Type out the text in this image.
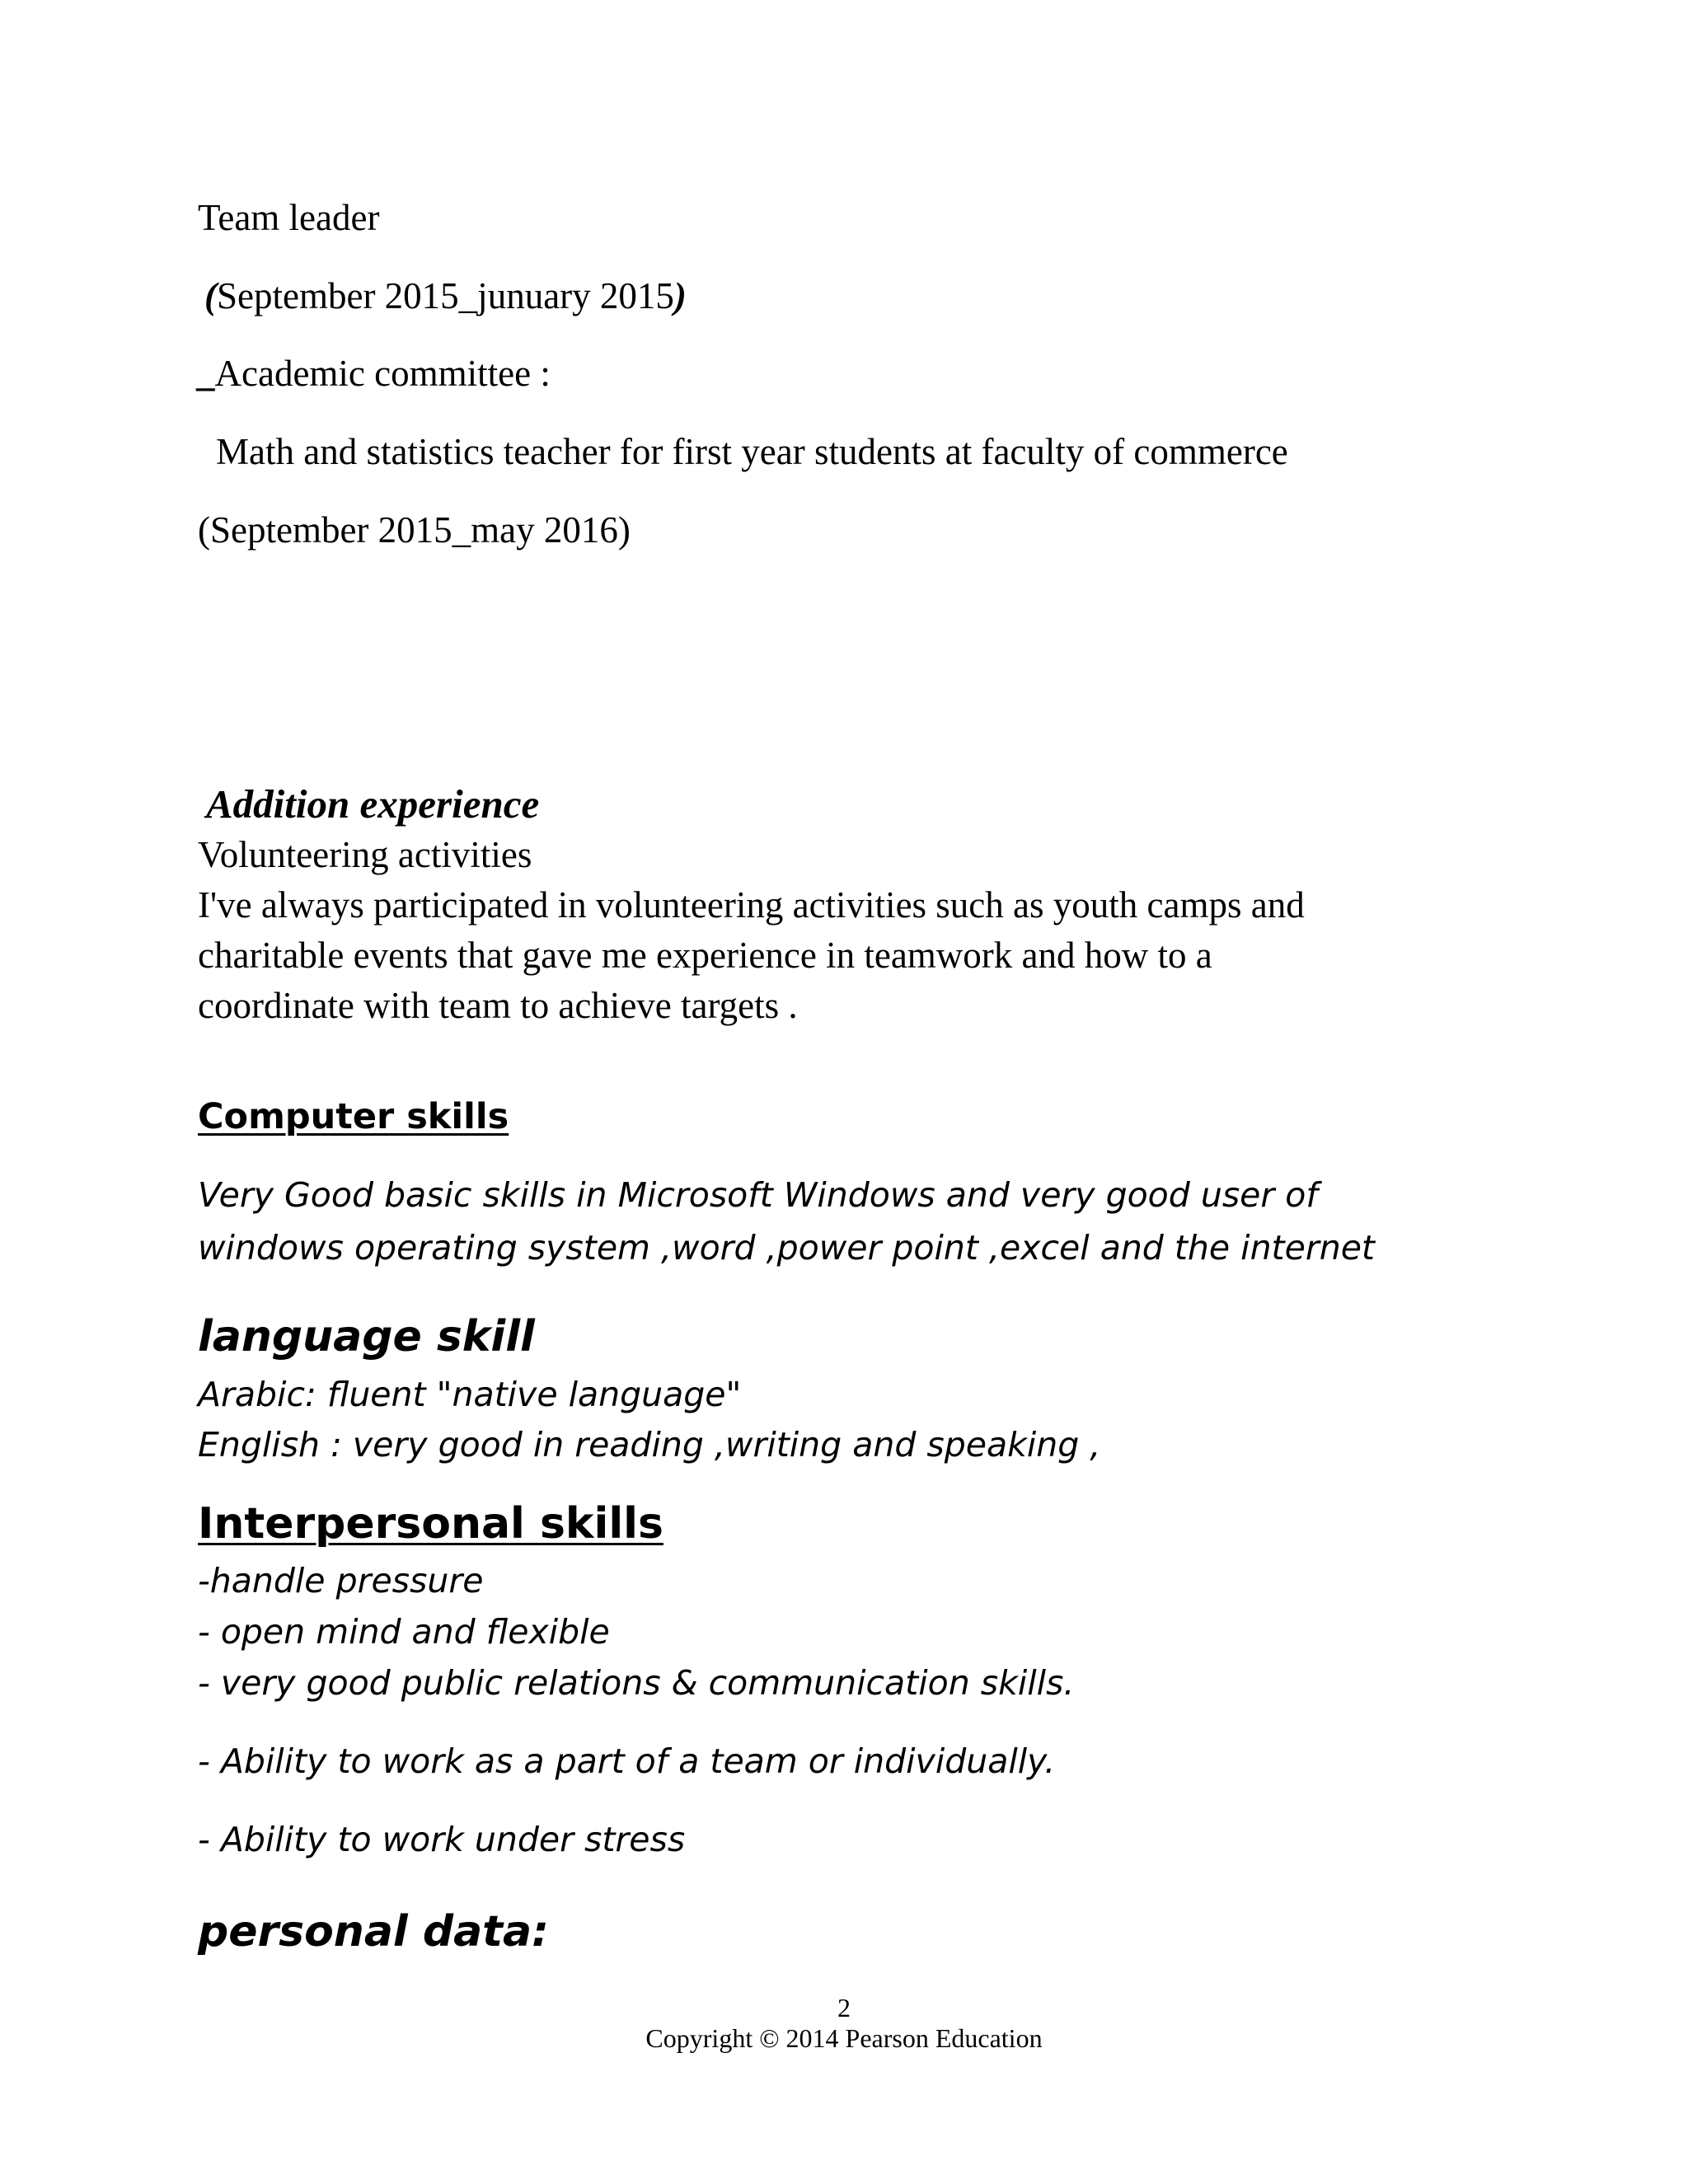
Team leader
(September 2015_junuary 2015)
_Academic committee :
Math and statistics teacher for first year students at faculty of commerce
(September 2015_may 2016)
Addition experience
Volunteering activities
I've always participated in volunteering activities such as youth camps and
charitable events that gave me experience in teamwork and how to a
coordinate with team to achieve targets .
Computer skills
Very Good basic skills in Microsoft Windows and very good user of
windows operating system ,word ,power point ,excel and the internet
language skill
Arabic: fluent "native language"
English : very good in reading ,writing and speaking ,
Interpersonal skills
-handle pressure
- open mind and flexible
- very good public relations & communication skills.
- Ability to work as a part of a team or individually.
- Ability to work under stress
personal data:
2
Copyright © 2014 Pearson Education
